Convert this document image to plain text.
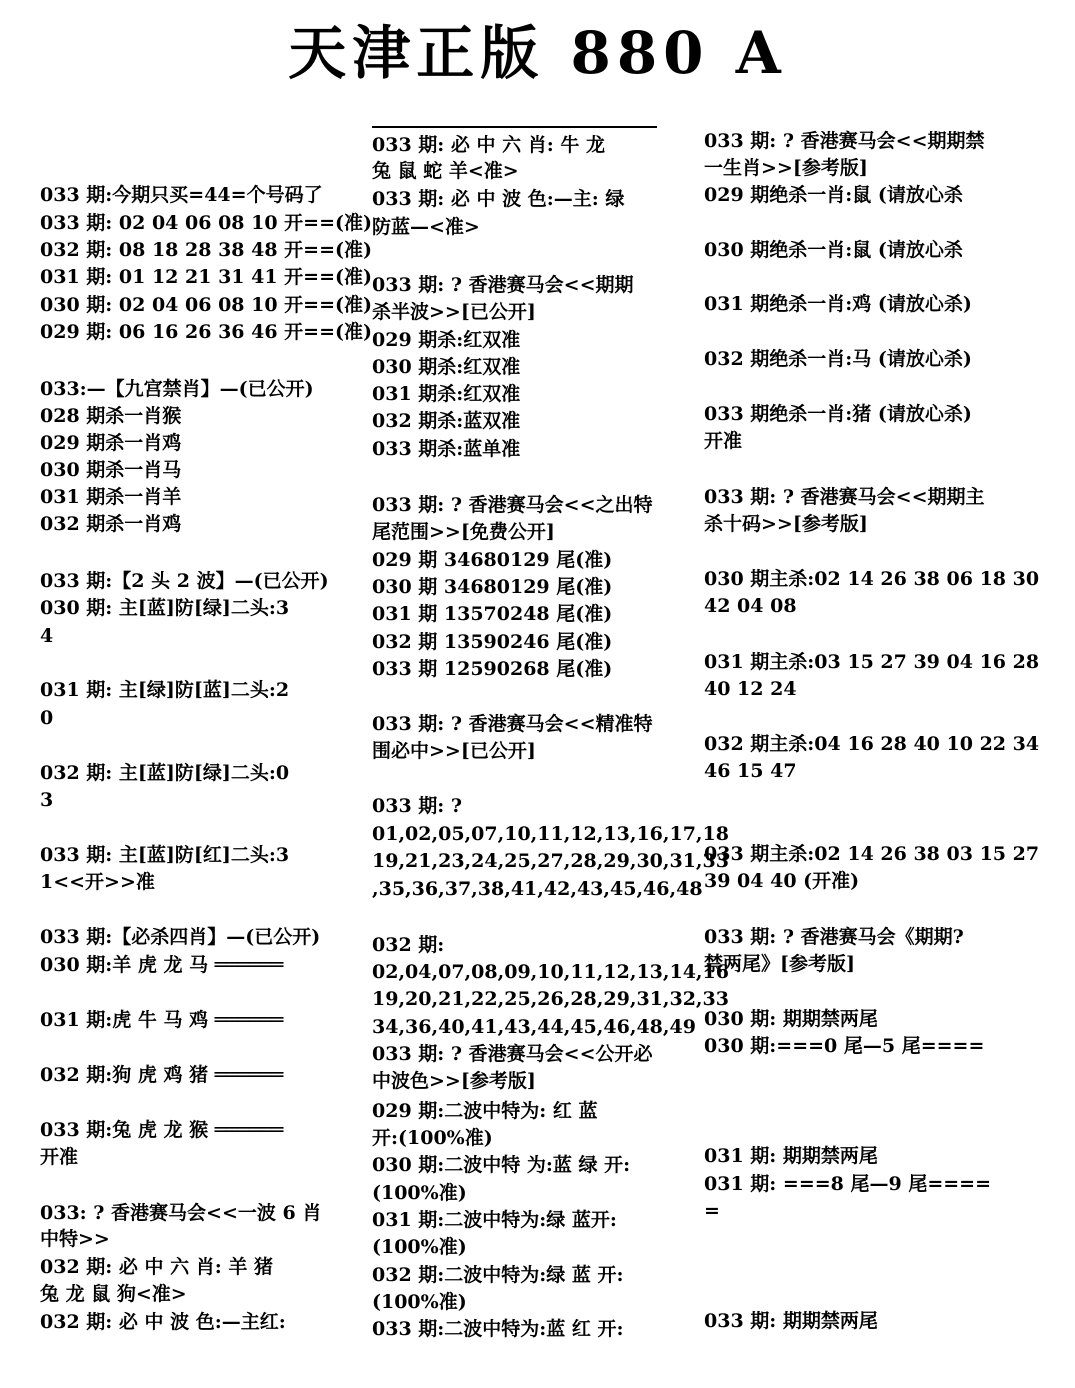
天津正版 880 A
033 期:今期只买=44=个号码了
033 期: 02 04 06 08 10 开==(准)
032 期: 08 18 28 38 48 开==(准)
031 期: 01 12 21 31 41 开==(准)
030 期: 02 04 06 08 10 开==(准)
029 期: 06 16 26 36 46 开==(准)
033:—【九宫禁肖】—(已公开)
028 期杀一肖猴
029 期杀一肖鸡
030 期杀一肖马
031 期杀一肖羊
032 期杀一肖鸡
033 期:【2 头 2 波】—(已公开)
030 期: 主[蓝]防[绿]二头:3
4
031 期: 主[绿]防[蓝]二头:2
0
032 期: 主[蓝]防[绿]二头:0
3
033 期: 主[蓝]防[红]二头:3
1<<开>>准
033 期:【必杀四肖】—(已公开)
030 期:羊 虎 龙 马 ══════
031 期:虎 牛 马 鸡 ══════
032 期:狗 虎 鸡 猪 ══════
033 期:兔 虎 龙 猴 ══════
开准
033: ? 香港赛马会<<一波 6 肖
中特>>
032 期: 必 中 六 肖: 羊 猪
兔 龙 鼠 狗<准>
032 期: 必 中 波 色:—主红:
033 期: 必 中 六 肖: 牛 龙
兔 鼠 蛇 羊<准>
033 期: 必 中 波 色:—主: 绿
防蓝—<准>
033 期: ? 香港赛马会<<期期
杀半波>>[已公开]
029 期杀:红双准
030 期杀:红双准
031 期杀:红双准
032 期杀:蓝双准
033 期杀:蓝单准
033 期: ? 香港赛马会<<之出特
尾范围>>[免费公开]
029 期 34680129 尾(准)
030 期 34680129 尾(准)
031 期 13570248 尾(准)
032 期 13590246 尾(准)
033 期 12590268 尾(准)
033 期: ? 香港赛马会<<精准特
围必中>>[已公开]
033 期: ?
01,02,05,07,10,11,12,13,16,17,18
19,21,23,24,25,27,28,29,30,31,33
,35,36,37,38,41,42,43,45,46,48
032 期:
02,04,07,08,09,10,11,12,13,14,16
19,20,21,22,25,26,28,29,31,32,33
34,36,40,41,43,44,45,46,48,49
033 期: ? 香港赛马会<<公开必
中波色>>[参考版]
029 期:二波中特为: 红 蓝
开:(100%准)
030 期:二波中特 为:蓝 绿 开:
(100%准)
031 期:二波中特为:绿 蓝开:
(100%准)
032 期:二波中特为:绿 蓝 开:
(100%准)
033 期:二波中特为:蓝 红 开:
033 期: ? 香港赛马会<<期期禁
一生肖>>[参考版]
029 期绝杀一肖:鼠 (请放心杀
030 期绝杀一肖:鼠 (请放心杀
031 期绝杀一肖:鸡 (请放心杀)
032 期绝杀一肖:马 (请放心杀)
033 期绝杀一肖:猪 (请放心杀)
开准
033 期: ? 香港赛马会<<期期主
杀十码>>[参考版]
030 期主杀:02 14 26 38 06 18 30
42 04 08
031 期主杀:03 15 27 39 04 16 28
40 12 24
032 期主杀:04 16 28 40 10 22 34
46 15 47
033 期主杀:02 14 26 38 03 15 27
39 04 40 (开准)
033 期: ? 香港赛马会《期期?
禁两尾》[参考版]
030 期: 期期禁两尾
030 期:===0 尾—5 尾====
031 期: 期期禁两尾
031 期: ===8 尾—9 尾====
=
033 期: 期期禁两尾
